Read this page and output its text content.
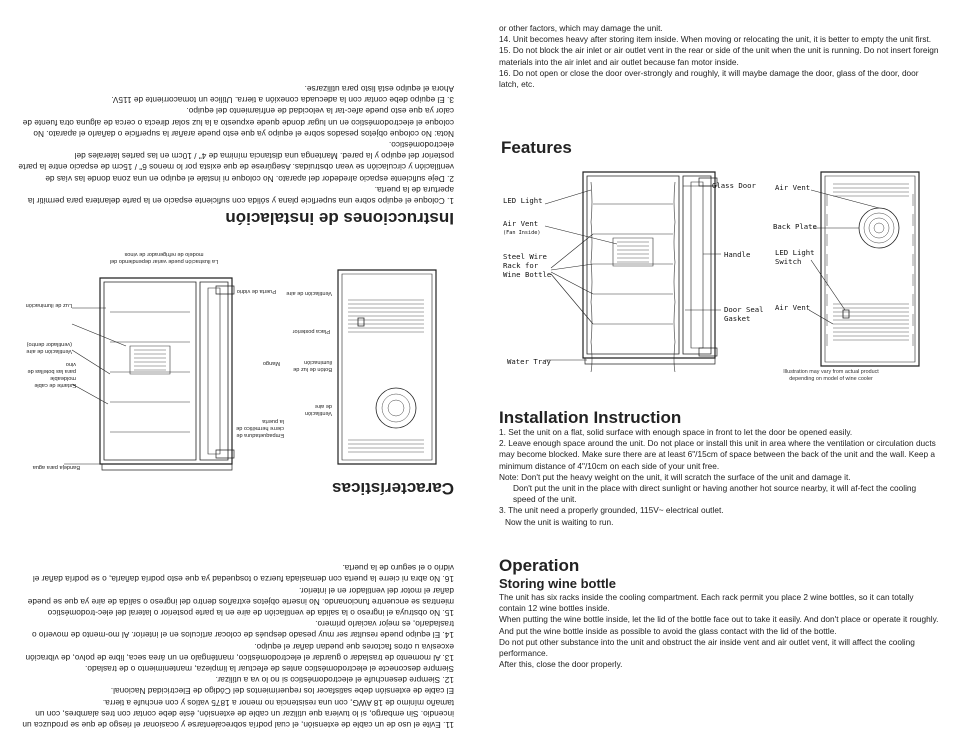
or other factors, which may damage the unit.

14. Unit becomes heavy after storing item inside. When moving or relocating the unit, it is better to empty the unit first.

15. Do not block the air inlet or air outlet vent in the rear or side of the unit when the unit is running. Do not insert foreign materials into the air inlet and air outlet because fan motor inside.

16. Do not open or close the door over-strongly and roughly, it will maybe damage the door, glass of the door, door latch, etc.

Features
LED Light
Air Vent
(Fan Inside)
Steel Wire
Rack for
Wine Bottle
Water Tray
Glass Door
Handle
Door Seal
Gasket
Air Vent
Back Plate
LED Light
Switch
Air Vent
Illustration may vary from actual product
depending on model of wine cooler
Installation Instruction

1. Set the unit on a flat, solid surface with enough space in front to let the door be opened easily.

2. Leave enough space around the unit. Do not place or install this unit in area where the ventilation or circulation ducts may become blocked. Make sure there are at least 6"/15cm of space between the back of the unit and the wall. Keep a minimum distance of 4"/10cm on each side of your unit free.

Note: Don't put the heavy weight on the unit, it will scratch the surface of the unit and damage it.

Don't put the unit in the place with direct sunlight or having another hot source nearby, it will af-fect the cooling speed of the unit.

3. The unit need a properly grounded, 115V~ electrical outlet.

Now the unit is waiting to run.

Operation
Storing wine bottle

The unit has six racks inside the cooling compartment. Each rack permit you place 2 wine bottles, so it can totally contain 12 wine bottles inside.

When putting the wine bottle inside, let the lid of the bottle face out to take it easily. And don't place or operate it roughly. And put the wine bottle inside as possible to avoid the glass contact with the lid of the bottle.

Do not put other substance into the unit and obstruct the air inside vent and air outlet vent, it will affect the cooling performance.

After this, close the door properly.

11. Evite el uso de un cable de extensión, el cual podría sobrecalentarse y ocasionar el riesgo de que se produzca un incendio. Sin embargo, si lo tuviera que utilizar un cable de extensión, éste debe contar con tres alambres, con un tamaño mínimo de 18 AWG, con una resistencia no menor a 1875 vatios y con enchufe a tierra.

El cable de extensión debe satisfacer los requerimientos del Código de Electricidad Nacional.

12. Siempre desenchufe el electrodoméstico si no lo va a utilizar.

Siempre desconecte el electrodoméstico antes de efectuar la limpieza, mantenimiento o de traslado.

13. Al momento de trasladar o guardar el electrodoméstico, manténgalo en un área seca, libre de polvo, de vibración excesiva u otros factores que puedan dañar el equipo.

14. El equipo puede resultar ser muy pesado después de colocar artículos en el interior. Al mo-mento de moverlo o trasladarlo, es mejor vaciarlo primero.

15. No obstruya el ingreso o la salida de ventilación de aire en la parte posterior o lateral del elec-trodoméstico mientras se encuentre funcionando. No inserte objetos extraños dentro del ingreso o salida de aire ya que se puede dañar el motor del ventilador en el interior.

16. No abra ni cierre la puerta con demasiada fuerza o tosquedad ya que esto podría dañarla, o se podría dañar el vidrio o el seguro de la puerta.

Características
La ilustración puede variar dependiendo del
modelo de refrigerador de vinos
Bandeja para agua
Empaquetadura de
cierre hermético de
la puerta
Mango
Estante de cable moldeable
para las botellas de vino
Ventilación de aire
(ventilador dentro)
Luz de iluminación
Puerta de vidrio Ventilación de aire
Placa posterior
Botón de luz de
iluminación
Ventilación
de aire
Instrucciones de instalación

1. Coloque el equipo sobre una superficie plana y sólida con suficiente espacio en la parte delantera para permitir la apertura de la puerta.

2. Deje suficiente espacio alrededor del aparato. No coloque ni instale el equipo en una zona donde las vías de ventilación y circulación se vean obstruidas. Asegúrese de que exista por lo menos 6" / 15cm de espacio entre la parte posterior del equipo y la pared. Mantenga una distancia mínima de 4" / 10cm en las partes laterales del electrodoméstico.

Nota: No coloque objetos pesados sobre el equipo ya que esto puede arañar la superficie o dañarlo el aparato. No coloque el electrodoméstico en un lugar donde quede expuesto a la luz solar directa o cerca de alguna otra fuente de calor ya que esto puede afec-tar la velocidad de enfriamiento del equipo.

3. El equipo debe contar con la adecuada conexión a tierra. Utilice un tomacorriente de 115V.

Ahora el equipo está listo para utilizarse.
